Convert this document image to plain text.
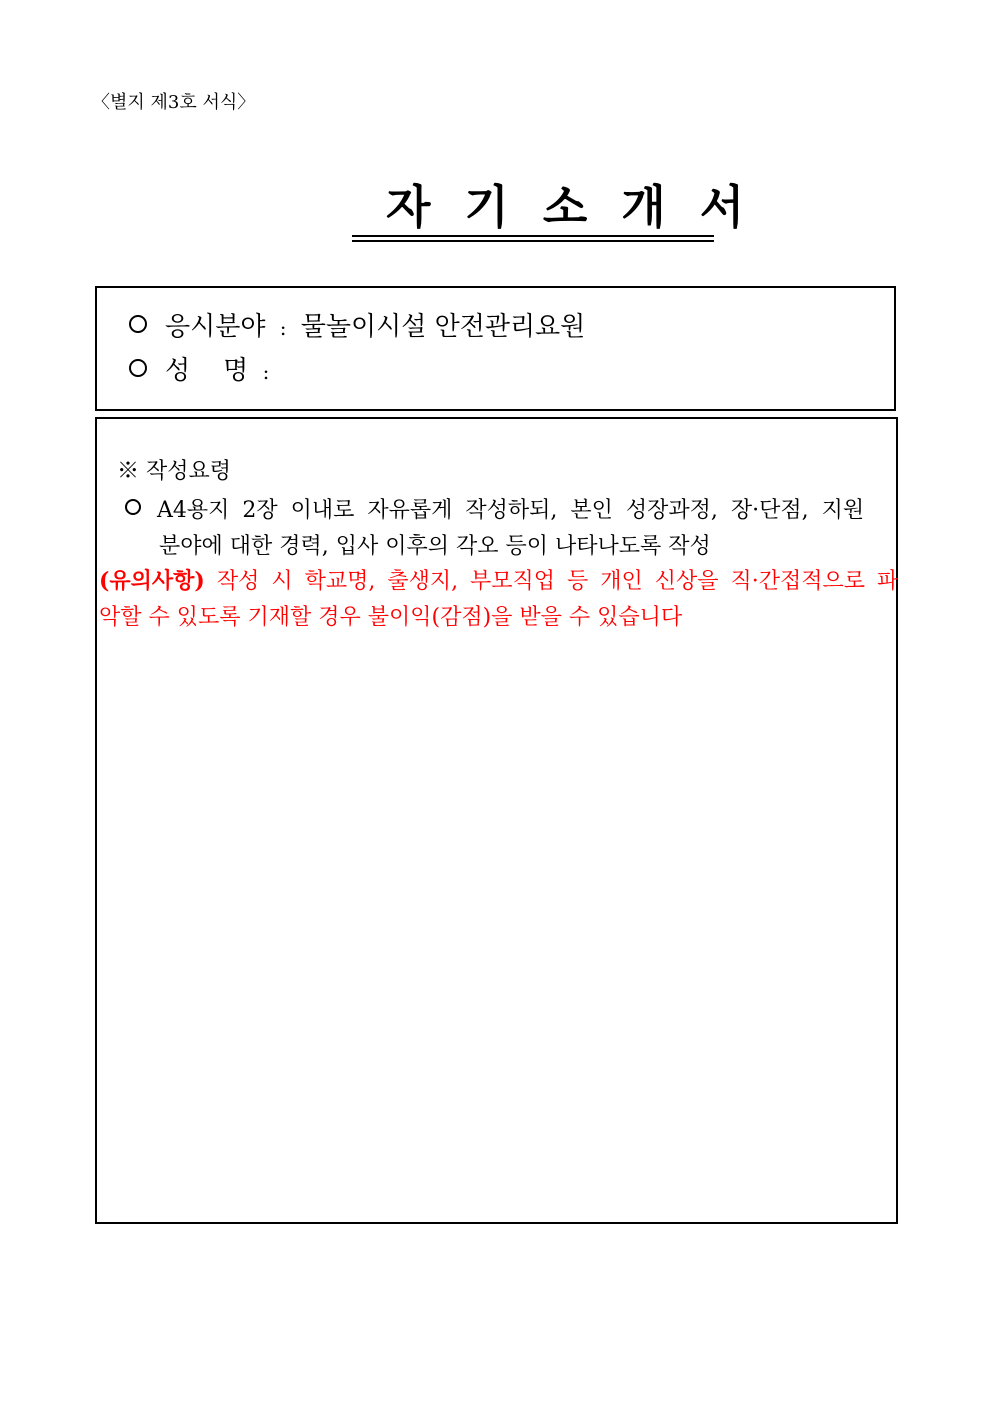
〈별지 제3호 서식〉
자기소개서
응시분야 : 물놀이시설 안전관리요원
성    명 :
※ 작성요령
A4용지 2장 이내로 자유롭게 작성하되, 본인 성장과정, 장·단점, 지원
분야에 대한 경력, 입사 이후의 각오 등이 나타나도록 작성
(유의사항) 작성 시 학교명, 출생지, 부모직업 등 개인 신상을 직·간접적으로 파
악할 수 있도록 기재할 경우 불이익(감점)을 받을 수 있습니다
